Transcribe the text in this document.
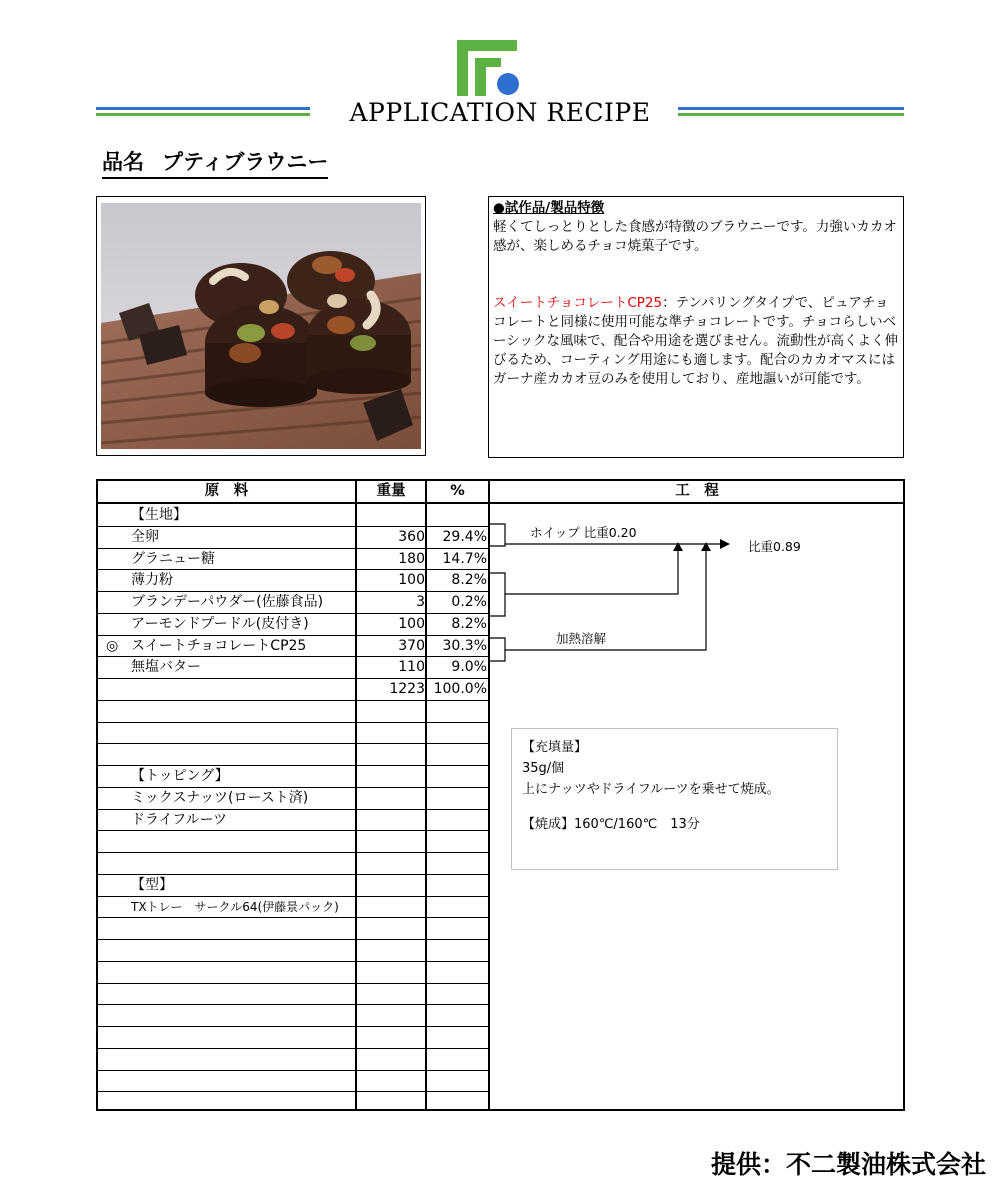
APPLICATION RECIPE
品名 プティブラウニー

●試作品/製品特徴

軽くてしっとりとした食感が特徴のブラウニーです。力強いカカオ感が、楽しめるチョコ焼菓子です。

スイートチョコレートCP25：テンパリングタイプで、ピュアチョコレートと同様に使用可能な準チョコレートです。チョコらしいベーシックな風味で、配合や用途を選びません。流動性が高くよく伸びるため、コーティング用途にも適します。配合のカカオマスにはガーナ産カカオ豆のみを使用しており、産地謳いが可能です。

原　料	重量	%	工　程
【生地】
全卵	360	29.4%
グラニュー糖	180	14.7%
薄力粉	100	8.2%
ブランデーパウダー(佐藤食品)	3	0.2%
アーモンドプードル(皮付き)	100	8.2%
◎ スイートチョコレートCP25	370	30.3%
無塩バター	110	9.0%
1223 100.0%
【トッピング】
ミックスナッツ(ロースト済)
ドライフルーツ
【型】
TXトレー　サークル64(伊藤景パック)
ホイップ 比重0.20
比重0.89
加熱溶解

【充填量】

35g/個

上にナッツやドライフルーツを乗せて焼成。

【焼成】160℃/160℃　13分

提供：不二製油株式会社
